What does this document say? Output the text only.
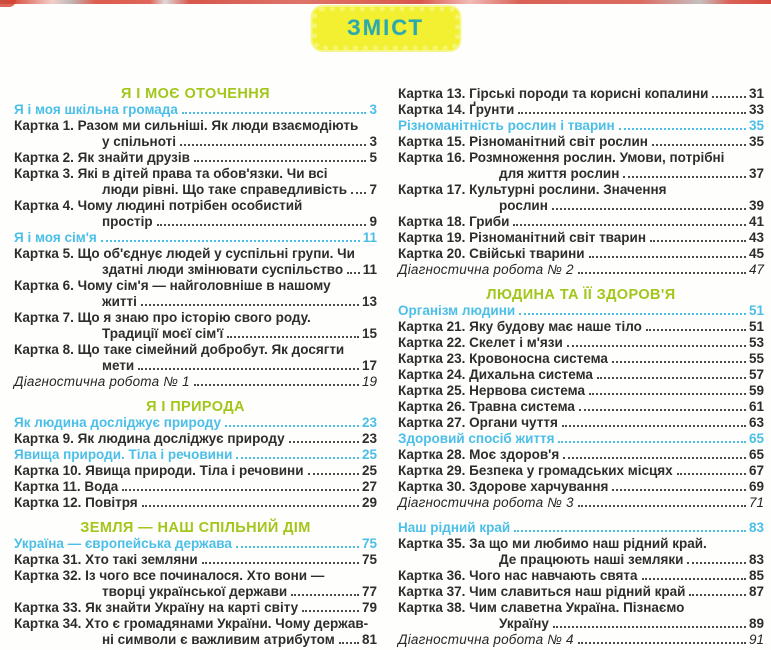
ЗМІСТ
Я І МОЄ ОТОЧЕННЯ
Я і моя шкільна громада	3
Картка 1. Разом ми сильніші. Як люди взаємодіють
у спільноті	3
Картка 2. Як знайти друзів	5
Картка 3. Які в дітей права та обов'язки. Чи всі
люди рівні. Що таке справедливість 7
Картка 4. Чому людині потрібен особистий
простір	9
Я і моя сім'я	11
Картка 5. Що об'єднує людей у суспільні групи. Чи
здатні люди змінювати суспільство 11
Картка 6. Чому сім'я — найголовніше в нашому
житті	13
Картка 7. Що я знаю про історію свого роду.
Традиції моєї сім'ї	15
Картка 8. Що таке сімейний добробут. Як досягти
мети	17
Діагностична робота № 1	19
Я І ПРИРОДА
Як людина досліджує природу	23
Картка 9. Як людина досліджує природу	23
Явища природи. Тіла і речовини	25
Картка 10. Явища природи. Тіла і речовини	25
Картка 11. Вода	27
Картка 12. Повітря	29
ЗЕМЛЯ — НАШ СПІЛЬНИЙ ДІМ
Україна — європейська держава	75
Картка 31. Хто такі земляни	75
Картка 32. Із чого все починалося. Хто вони —
творці української держави	77
Картка 33. Як знайти Україну на карті світу	79
Картка 34. Хто є громадянами України. Чому держав-
ні символи є важливим атрибутом 81
Картка 13. Гірські породи та корисні копалини	31
Картка 14. Ґрунти	33
Різноманітність рослин і тварин	35
Картка 15. Різноманітний світ рослин	35
Картка 16. Розмноження рослин. Умови, потрібні
для життя рослин	37
Картка 17. Культурні рослини. Значення
рослин	39
Картка 18. Гриби	41
Картка 19. Різноманітний світ тварин	43
Картка 20. Свійські тварини	45
Діагностична робота № 2	47
ЛЮДИНА ТА ЇЇ ЗДОРОВ'Я
Організм людини	51
Картка 21. Яку будову має наше тіло	51
Картка 22. Скелет і м'язи	53
Картка 23. Кровоносна система	55
Картка 24. Дихальна система	57
Картка 25. Нервова система	59
Картка 26. Травна система	61
Картка 27. Органи чуття	63
Здоровий спосіб життя	65
Картка 28. Моє здоров'я	65
Картка 29. Безпека у громадських місцях	67
Картка 30. Здорове харчування	69
Діагностична робота № 3	71
Наш рідний край	83
Картка 35. За що ми любимо наш рідний край.
Де працюють наші земляки	83
Картка 36. Чого нас навчають свята	85
Картка 37. Чим славиться наш рідний край	87
Картка 38. Чим славетна Україна. Пізнаємо
Україну	89
Діагностична робота № 4	91
